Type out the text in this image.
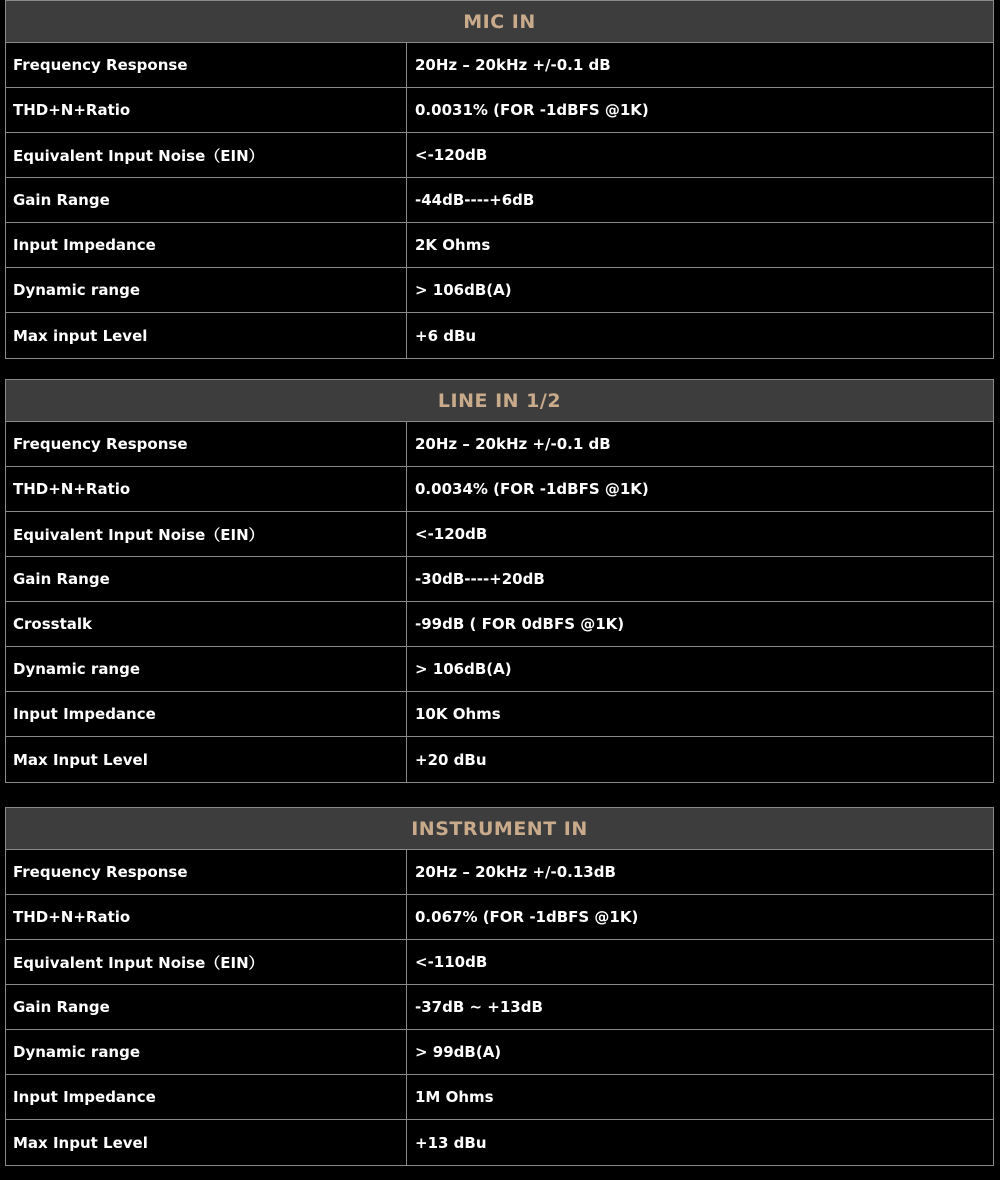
MIC IN
Frequency Response	20Hz – 20kHz +/-0.1 dB
THD+N+Ratio	0.0031% (FOR -1dBFS @1K)
Equivalent Input Noise（EIN）	<-120dB
Gain Range	-44dB----+6dB
Input Impedance	2K Ohms
Dynamic range	> 106dB(A)
Max input Level	+6 dBu
LINE IN 1/2
Frequency Response	20Hz – 20kHz +/-0.1 dB
THD+N+Ratio	0.0034% (FOR -1dBFS @1K)
Equivalent Input Noise（EIN）	<-120dB
Gain Range	-30dB----+20dB
Crosstalk	-99dB ( FOR 0dBFS @1K)
Dynamic range	> 106dB(A)
Input Impedance	10K Ohms
Max Input Level	+20 dBu
INSTRUMENT IN
Frequency Response	20Hz – 20kHz +/-0.13dB
THD+N+Ratio	0.067% (FOR -1dBFS @1K)
Equivalent Input Noise（EIN）	<-110dB
Gain Range	-37dB ~ +13dB
Dynamic range	> 99dB(A)
Input Impedance	1M Ohms
Max Input Level	+13 dBu
